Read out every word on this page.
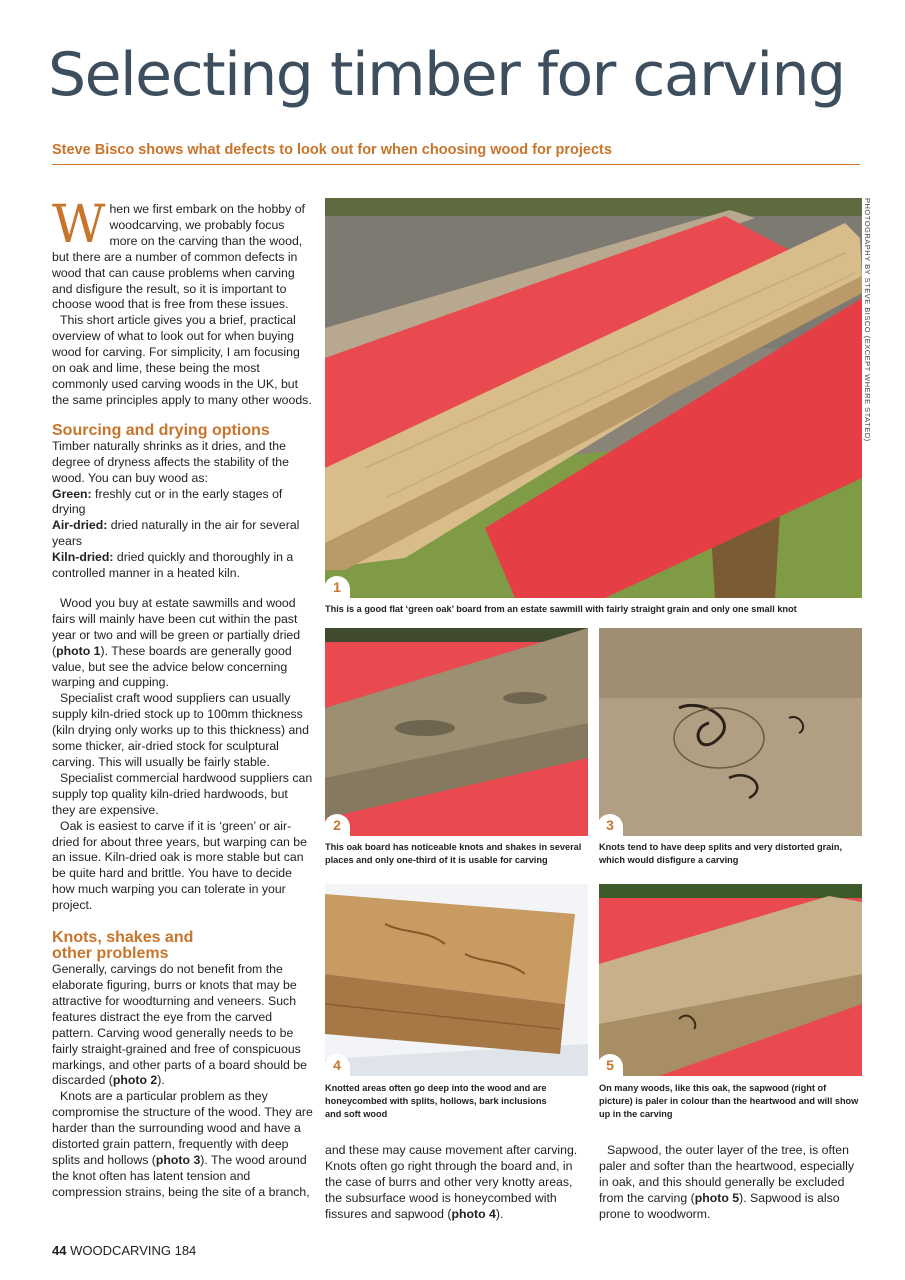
Selecting timber for carving

Steve Bisco shows what defects to look out for when choosing wood for projects

When we first embark on the hobby of woodcarving, we probably focus more on the carving than the wood, but there are a number of common defects in wood that can cause problems when carving and disfigure the result, so it is important to choose wood that is free from these issues.

This short article gives you a brief, practical overview of what to look out for when buying wood for carving. For simplicity, I am focusing on oak and lime, these being the most commonly used carving woods in the UK, but the same principles apply to many other woods.

Sourcing and drying options

Timber naturally shrinks as it dries, and the degree of dryness affects the stability of the wood. You can buy wood as:

Green: freshly cut or in the early stages of drying
Air-dried: dried naturally in the air for several years
Kiln-dried: dried quickly and thoroughly in a controlled manner in a heated kiln.

Wood you buy at estate sawmills and wood fairs will mainly have been cut within the past year or two and will be green or partially dried (photo 1). These boards are generally good value, but see the advice below concerning warping and cupping.

Specialist craft wood suppliers can usually supply kiln-dried stock up to 100mm thickness (kiln drying only works up to this thickness) and some thicker, air-dried stock for sculptural carving. This will usually be fairly stable.

Specialist commercial hardwood suppliers can supply top quality kiln-dried hardwoods, but they are expensive.

Oak is easiest to carve if it is ‘green’ or air-dried for about three years, but warping can be an issue. Kiln-dried oak is more stable but can be quite hard and brittle. You have to decide how much warping you can tolerate in your project.

Knots, shakes and
other problems

Generally, carvings do not benefit from the elaborate figuring, burrs or knots that may be attractive for woodturning and veneers. Such features distract the eye from the carved pattern. Carving wood generally needs to be fairly straight-grained and free of conspicuous markings, and other parts of a board should be discarded (photo 2).

Knots are a particular problem as they compromise the structure of the wood. They are harder than the surrounding wood and have a distorted grain pattern, frequently with deep splits and hollows (photo 3). The wood around the knot often has latent tension and compression strains, being the site of a branch,

1

This is a good flat ‘green oak’ board from an estate sawmill with fairly straight grain and only one small knot

PHOTOGRAPHY BY STEVE BISCO (EXCEPT WHERE STATED)
2

This oak board has noticeable knots and shakes in several places and only one-third of it is usable for carving

3

Knots tend to have deep splits and very distorted grain, which would disfigure a carving

4

Knotted areas often go deep into the wood and are honeycombed with splits, hollows, bark inclusions and soft wood

5

On many woods, like this oak, the sapwood (right of picture) is paler in colour than the heartwood and will show up in the carving

and these may cause movement after carving. Knots often go right through the board and, in the case of burrs and other very knotty areas, the subsurface wood is honeycombed with fissures and sapwood (photo 4).

Sapwood, the outer layer of the tree, is often paler and softer than the heartwood, especially in oak, and this should generally be excluded from the carving (photo 5). Sapwood is also prone to woodworm.

44 WOODCARVING 184
